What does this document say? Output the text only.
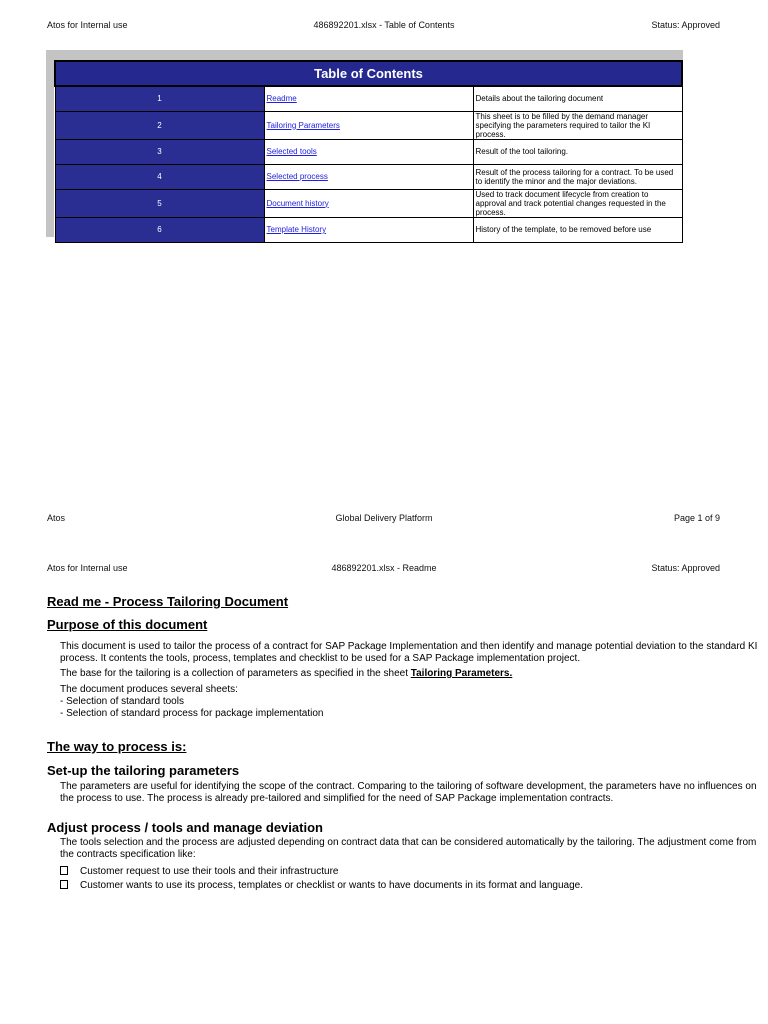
Atos for Internal use	486892201.xlsx - Table of Contents	Status: Approved
Table of Contents		
1	Readme	Details about the tailoring document
2	Tailoring Parameters	This sheet is to be filled by the demand manager specifying the parameters required to tailor the KI process.
3	Selected tools	Result of the tool tailoring.
4	Selected process	Result of the process tailoring for a contract. To be used to identify the minor and the major deviations.
5	Document history	Used to track document lifecycle from creation to approval and track potential changes requested in the process.
6	Template History	History of the template, to be removed before use
Atos	Global Delivery Platform	Page 1 of 9
Atos for Internal use	486892201.xlsx - Readme	Status: Approved
Read me - Process Tailoring Document
Purpose of this document

This document is used to tailor the process of a contract for SAP Package Implementation and then identify and manage potential deviation to the standard KI process. It contents the tools, process, templates and checklist to be used for a SAP Package implementation project.

The base for the tailoring is a collection of parameters as specified in the sheet Tailoring Parameters.

The document produces several sheets:

- Selection of standard tools
- Selection of standard process for package implementation
The way to process is:
Set-up the tailoring parameters

The parameters are useful for identifying the scope of the contract. Comparing to the tailoring of software development, the parameters have no influences on the process to use. The process is already pre-tailored and simplified for the need of SAP Package implementation contracts.

Adjust process / tools and manage deviation

The tools selection and the process are adjusted depending on contract data that can be considered automatically by the tailoring. The adjustment come from the contracts specification like:

Customer request to use their tools and their infrastructure
Customer wants to use its process, templates or checklist or wants to have documents in its format and language.
